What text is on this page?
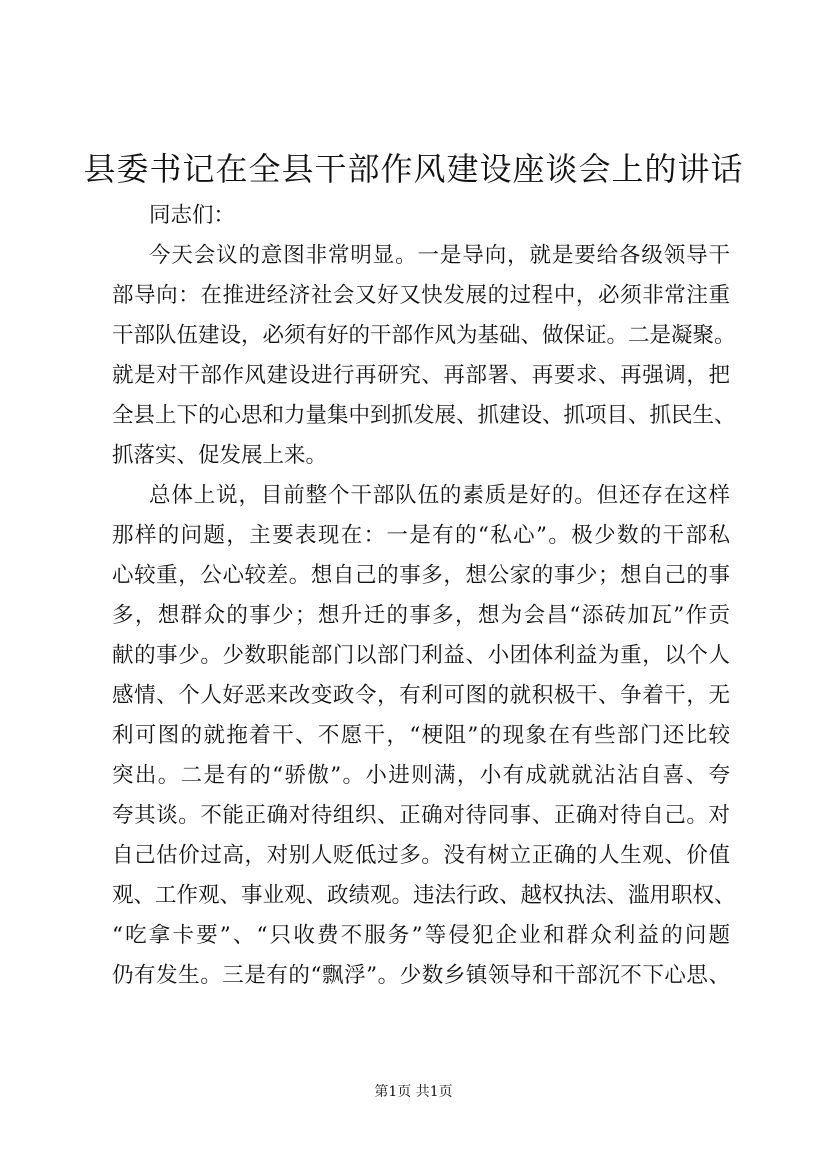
县委书记在全县干部作风建设座谈会上的讲话
同志们：
今天会议的意图非常明显。一是导向，就是要给各级领导干
部导向：在推进经济社会又好又快发展的过程中，必须非常注重
干部队伍建设，必须有好的干部作风为基础、做保证。二是凝聚。
就是对干部作风建设进行再研究、再部署、再要求、再强调，把
全县上下的心思和力量集中到抓发展、抓建设、抓项目、抓民生、
抓落实、促发展上来。
总体上说，目前整个干部队伍的素质是好的。但还存在这样
那样的问题，主要表现在：一是有的“私心”。极少数的干部私
心较重，公心较差。想自己的事多，想公家的事少；想自己的事
多，想群众的事少；想升迁的事多，想为会昌“添砖加瓦”作贡
献的事少。少数职能部门以部门利益、小团体利益为重，以个人
感情、个人好恶来改变政令，有利可图的就积极干、争着干，无
利可图的就拖着干、不愿干，“梗阻”的现象在有些部门还比较
突出。二是有的“骄傲”。小进则满，小有成就就沾沾自喜、夸
夸其谈。不能正确对待组织、正确对待同事、正确对待自己。对
自己估价过高，对别人贬低过多。没有树立正确的人生观、价值
观、工作观、事业观、政绩观。违法行政、越权执法、滥用职权、
“吃拿卡要”、“只收费不服务”等侵犯企业和群众利益的问题
仍有发生。三是有的“飘浮”。少数乡镇领导和干部沉不下心思、
第1页 共1页
